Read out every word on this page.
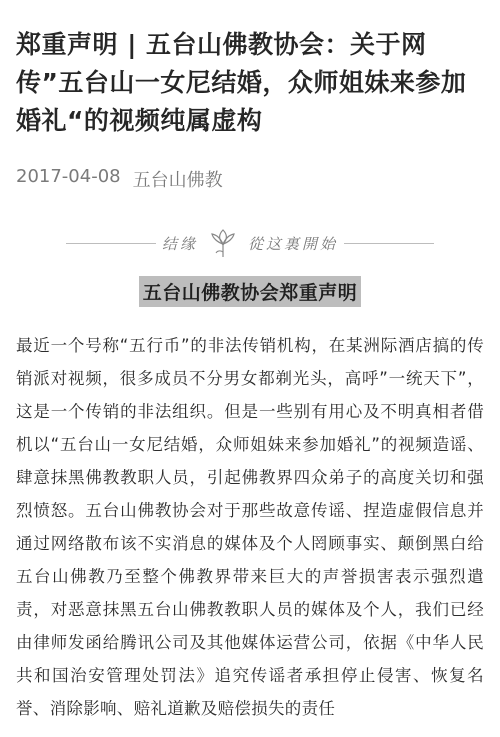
郑重声明 | 五台山佛教协会：关于网传”五台山一女尼结婚，众师姐妹来参加婚礼“的视频纯属虚构
2017-04-08 五台山佛教
结缘	從这裏開始
五台山佛教协会郑重声明
最近一个号称“五行币”的非法传销机构，在某洲际酒店搞的传销派对视频，很多成员不分男女都剃光头，高呼”一统天下”，这是一个传销的非法组织。但是一些别有用心及不明真相者借机以“五台山一女尼结婚，众师姐妹来参加婚礼”的视频造谣、肆意抹黑佛教教职人员，引起佛教界四众弟子的高度关切和强烈愤怒。五台山佛教协会对于那些故意传谣、捏造虚假信息并通过网络散布该不实消息的媒体及个人罔顾事实、颠倒黑白给五台山佛教乃至整个佛教界带来巨大的声誉损害表示强烈遣责，对恶意抹黑五台山佛教教职人员的媒体及个人，我们已经由律师发函给腾讯公司及其他媒体运营公司，依据《中华人民共和国治安管理处罚法》追究传谣者承担停止侵害、恢复名誉、消除影响、赔礼道歉及赔偿损失的责任
